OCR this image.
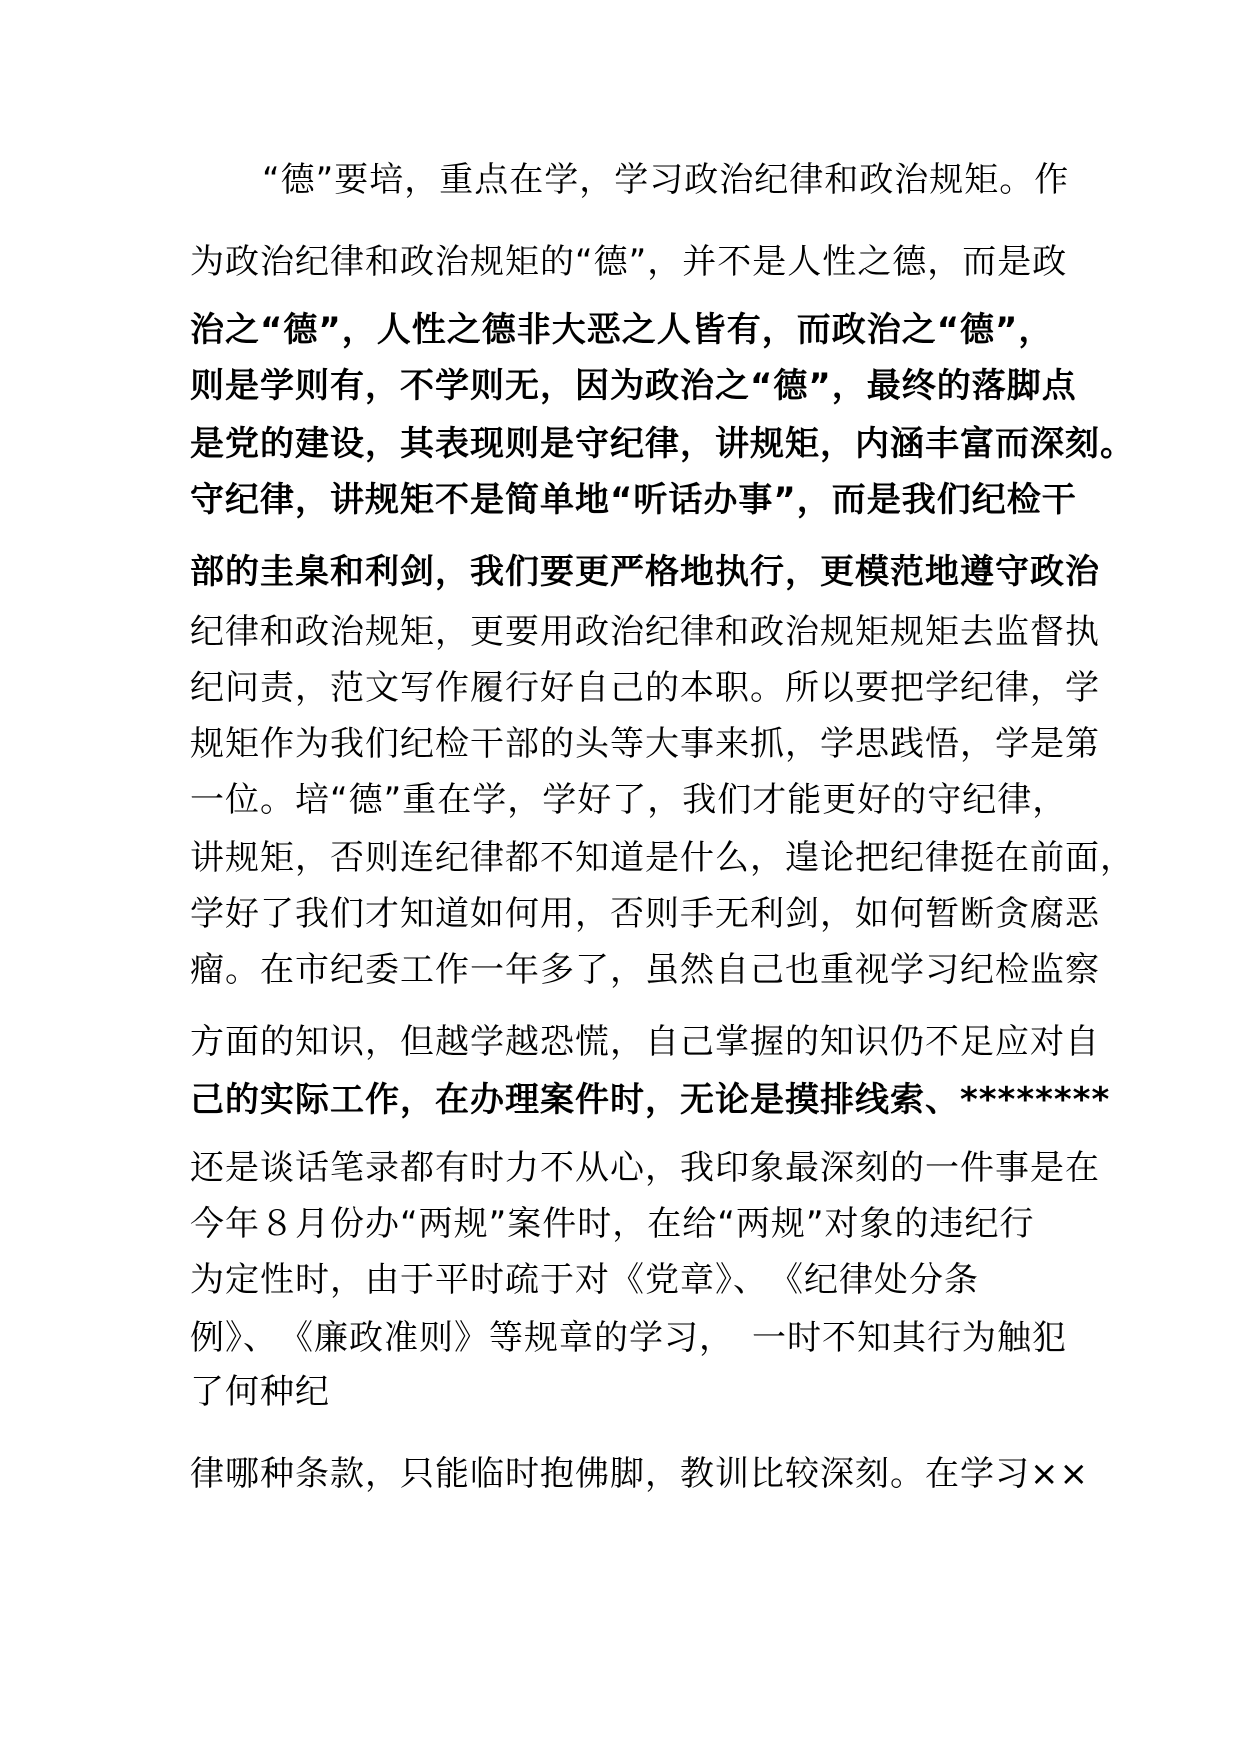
“德”要培，重点在学，学习政治纪律和政治规矩。作
为政治纪律和政治规矩的“德”，并不是人性之德，而是政
治之“德”，人性之德非大恶之人皆有，而政治之“德”，
则是学则有，不学则无，因为政治之“德”，最终的落脚点
是党的建设，其表现则是守纪律，讲规矩，内涵丰富而深刻。
守纪律，讲规矩不是简单地“听话办事”，而是我们纪检干
部的圭臬和利剑，我们要更严格地执行，更模范地遵守政治
纪律和政治规矩，更要用政治纪律和政治规矩规矩去监督执
纪问责，范文写作履行好自己的本职。所以要把学纪律，学
规矩作为我们纪检干部的头等大事来抓，学思践悟，学是第
一位。培“德”重在学，学好了，我们才能更好的守纪律，
讲规矩，否则连纪律都不知道是什么，遑论把纪律挺在前面，
学好了我们才知道如何用，否则手无利剑，如何暂断贪腐恶
瘤。在市纪委工作一年多了，虽然自己也重视学习纪检监察
方面的知识，但越学越恐慌，自己掌握的知识仍不足应对自
己的实际工作，在办理案件时，无论是摸排线索、********
还是谈话笔录都有时力不从心，我印象最深刻的一件事是在
今年８月份办“两规”案件时，在给“两规”对象的违纪行
为定性时，由于平时疏于对《党章》、　《纪律处分条
例》、　《廉政准则》等规章的学习，　一时不知其行为触犯
了何种纪
律哪种条款，只能临时抱佛脚，教训比较深刻。在学习××
